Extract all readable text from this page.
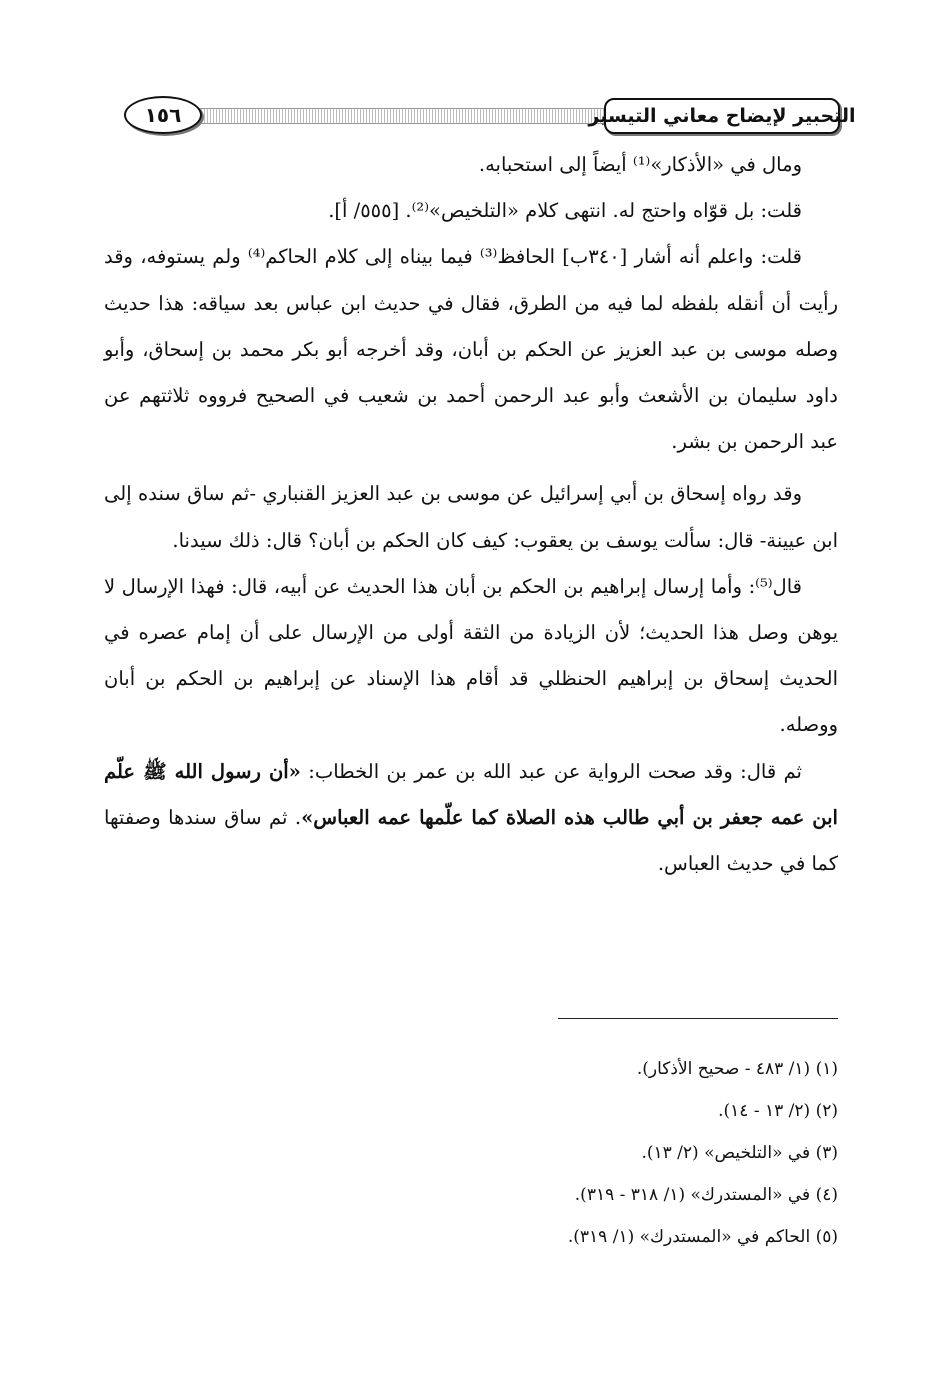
التحبير لإيضاح معاني التيسير
١٥٦

ومال في «الأذكار»⁽¹⁾ أيضاً إلى استحبابه.

قلت: بل قوّاه واحتج له. انتهى كلام «التلخيص»⁽²⁾. [٥٥٥/ أ].

قلت: واعلم أنه أشار [٣٤٠ب] الحافظ⁽³⁾ فيما بيناه إلى كلام الحاكم⁽⁴⁾ ولم يستوفه، وقد رأيت أن أنقله بلفظه لما فيه من الطرق، فقال في حديث ابن عباس بعد سياقه: هذا حديث وصله موسى بن عبد العزيز عن الحكم بن أبان، وقد أخرجه أبو بكر محمد بن إسحاق، وأبو داود سليمان بن الأشعث وأبو عبد الرحمن أحمد بن شعيب في الصحيح فرووه ثلاثتهم عن عبد الرحمن بن بشر.

وقد رواه إسحاق بن أبي إسرائيل عن موسى بن عبد العزيز القنباري -ثم ساق سنده إلى ابن عيينة- قال: سألت يوسف بن يعقوب: كيف كان الحكم بن أبان؟ قال: ذلك سيدنا.

قال⁽⁵⁾: وأما إرسال إبراهيم بن الحكم بن أبان هذا الحديث عن أبيه، قال: فهذا الإرسال لا يوهن وصل هذا الحديث؛ لأن الزيادة من الثقة أولى من الإرسال على أن إمام عصره في الحديث إسحاق بن إبراهيم الحنظلي قد أقام هذا الإسناد عن إبراهيم بن الحكم بن أبان ووصله.

ثم قال: وقد صحت الرواية عن عبد الله بن عمر بن الخطاب: «أن رسول الله ﷺ علّم ابن عمه جعفر بن أبي طالب هذه الصلاة كما علّمها عمه العباس». ثم ساق سندها وصفتها كما في حديث العباس.

(١) (١/ ٤٨٣ - صحيح الأذكار).
(٢) (٢/ ١٣ - ١٤).
(٣) في «التلخيص» (٢/ ١٣).
(٤) في «المستدرك» (١/ ٣١٨ - ٣١٩).
(٥) الحاكم في «المستدرك» (١/ ٣١٩).
